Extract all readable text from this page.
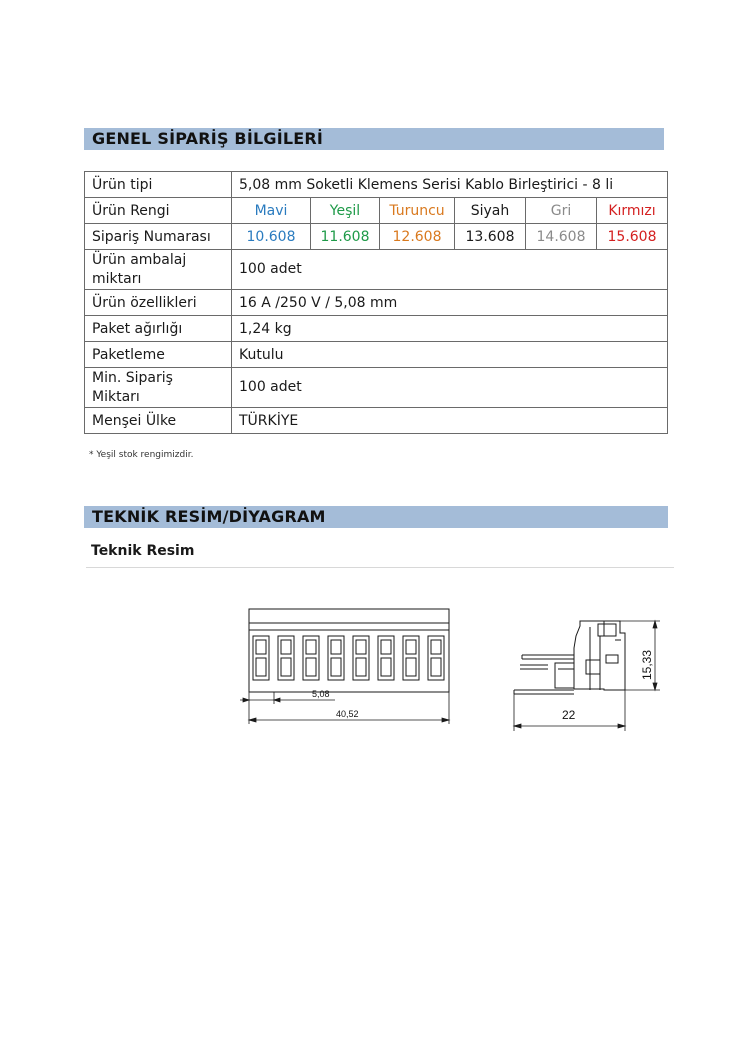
GENEL SİPARİŞ BİLGİLERİ
Ürün tipi	5,08 mm Soketli Klemens Serisi Kablo Birleştirici - 8 li					
Ürün Rengi	Mavi	Yeşil	Turuncu	Siyah	Gri	Kırmızı
Sipariş Numarası	10.608	11.608	12.608	13.608	14.608	15.608
Ürün ambalaj miktarı	100 adet					
Ürün özellikleri	16 A /250 V / 5,08 mm					
Paket ağırlığı	1,24 kg					
Paketleme	Kutulu					
Min. Sipariş Miktarı	100 adet					
Menşei Ülke	TÜRKİYE					
* Yeşil stok rengimizdir.
TEKNİK RESİM/DİYAGRAM
Teknik Resim
5,08
40,52	22
15,33
